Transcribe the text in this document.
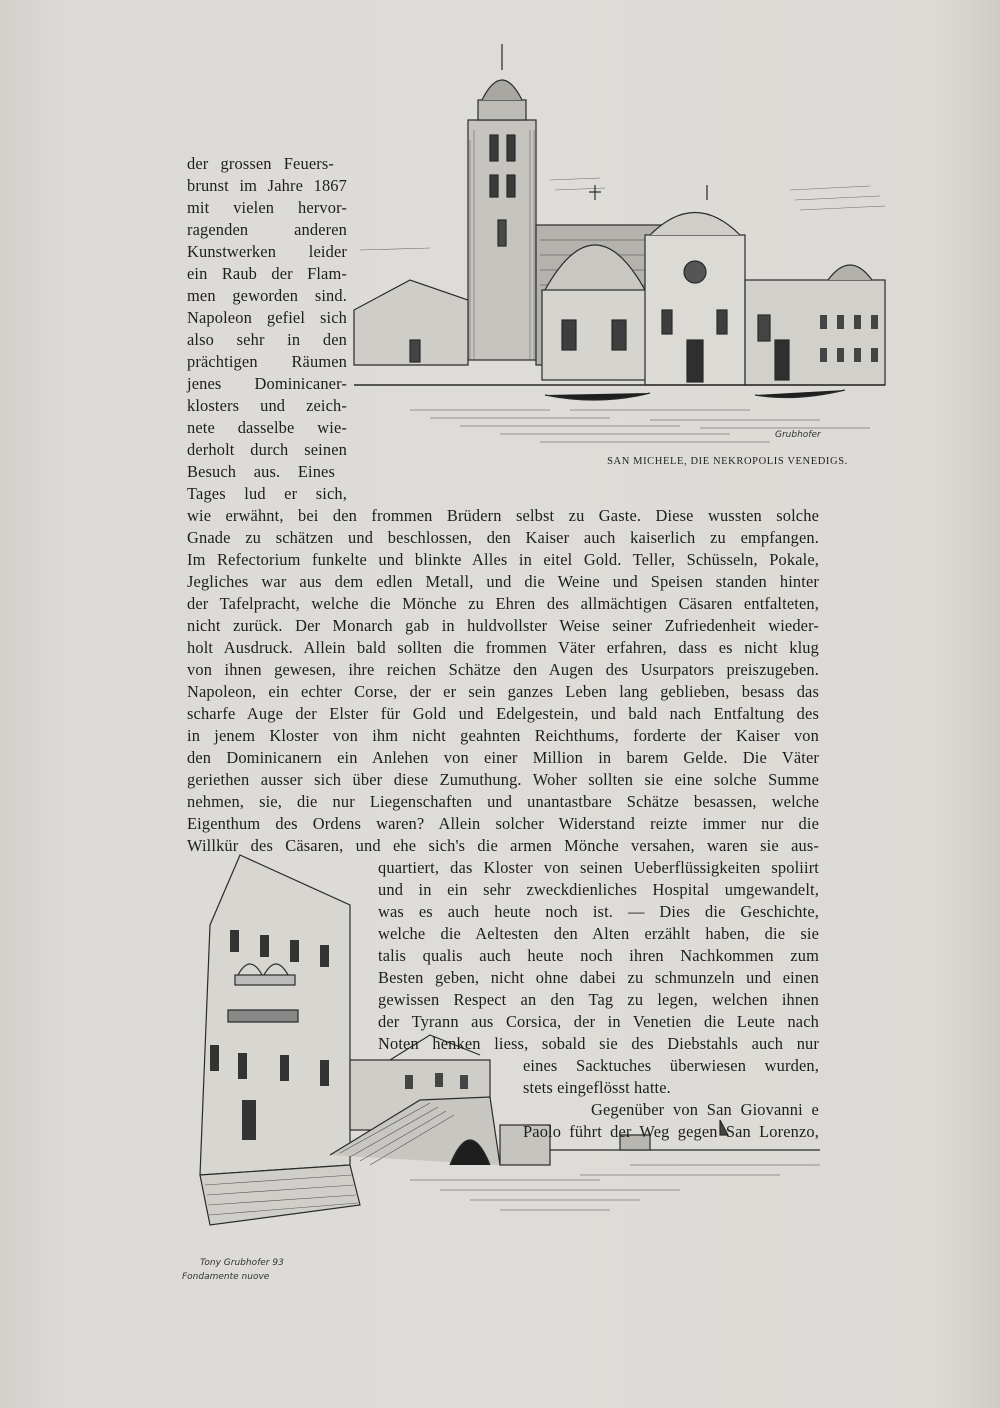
Grubhofer
SAN MICHELE, DIE NEKROPOLIS VENEDIGS.
Tony Grubhofer 93
Fondamente nuove
der grossen Feuers-
brunst im Jahre 1867
mit vielen hervor-
ragenden anderen
Kunstwerken leider
ein Raub der Flam-
men geworden sind.
Napoleon gefiel sich
also sehr in den
prächtigen Räumen
jenes Dominicaner-
klosters und zeich-
nete dasselbe wie-
derholt durch seinen
Besuch aus. Eines
Tages lud er sich,
wie erwähnt, bei den frommen Brüdern selbst zu Gaste. Diese wussten solche
Gnade zu schätzen und beschlossen, den Kaiser auch kaiserlich zu empfangen.
Im Refectorium funkelte und blinkte Alles in eitel Gold. Teller, Schüsseln, Pokale,
Jegliches war aus dem edlen Metall, und die Weine und Speisen standen hinter
der Tafelpracht, welche die Mönche zu Ehren des allmächtigen Cäsaren entfalteten,
nicht zurück. Der Monarch gab in huldvollster Weise seiner Zufriedenheit wieder-
holt Ausdruck. Allein bald sollten die frommen Väter erfahren, dass es nicht klug
von ihnen gewesen, ihre reichen Schätze den Augen des Usurpators preiszugeben.
Napoleon, ein echter Corse, der er sein ganzes Leben lang geblieben, besass das
scharfe Auge der Elster für Gold und Edelgestein, und bald nach Entfaltung des
in jenem Kloster von ihm nicht geahnten Reichthums, forderte der Kaiser von
den Dominicanern ein Anlehen von einer Million in barem Gelde. Die Väter
geriethen ausser sich über diese Zumuthung. Woher sollten sie eine solche Summe
nehmen, sie, die nur Liegenschaften und unantastbare Schätze besassen, welche
Eigenthum des Ordens waren? Allein solcher Widerstand reizte immer nur die
Willkür des Cäsaren, und ehe sich's die armen Mönche versahen, waren sie aus-
quartiert, das Kloster von seinen Ueberflüssigkeiten spoliirt
und in ein sehr zweckdienliches Hospital umgewandelt,
was es auch heute noch ist. — Dies die Geschichte,
welche die Aeltesten den Alten erzählt haben, die sie
talis qualis auch heute noch ihren Nachkommen zum
Besten geben, nicht ohne dabei zu schmunzeln und einen
gewissen Respect an den Tag zu legen, welchen ihnen
der Tyrann aus Corsica, der in Venetien die Leute nach
Noten henken liess, sobald sie des Diebstahls auch nur
eines Sacktuches überwiesen wurden,
stets eingeflösst hatte.
Gegenüber von San Giovanni e
Paolo führt der Weg gegen San Lorenzo,
